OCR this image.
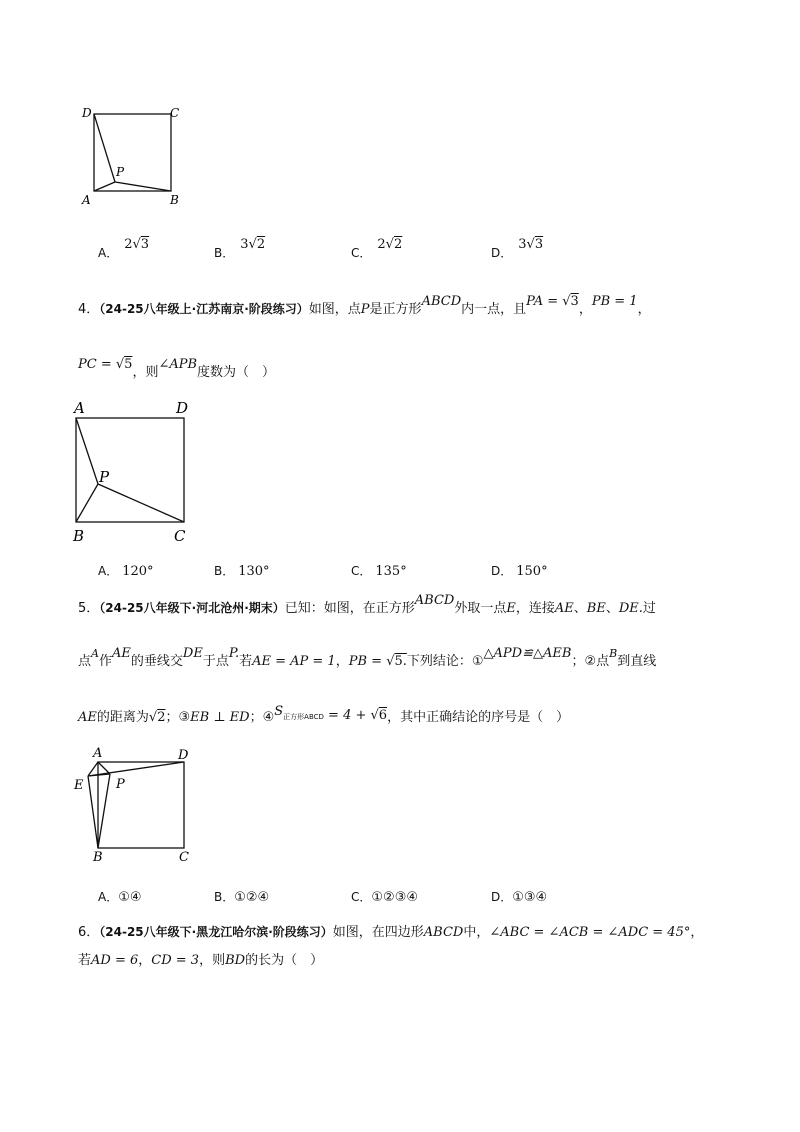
D	C
P
A	B
A．2√3
B．3√2
C．2√2
D．3√3
4．（24-25八年级上·江苏南京·阶段练习）如图，点P是正方形ABCD内一点，且PA = √3，PB = 1，
PC = √5，则∠APB度数为（　）
A	D
P
B	C
A． 120°	B． 130°	C． 135°	D． 150°
5．（24-25八年级下·河北沧州·期末）已知：如图，在正方形ABCD外取一点E，连接AE、BE、DE.过
点$^A$作AE的垂线交DE于点P.若AE = AP = 1，PB = √5.下列结论：①△APD≌△AEB；②点$^B$到直线
AE的距离为√2；③EB ⊥ ED；④S正方形ABCD = 4 + √6，其中正确结论的序号是（　）
A	D
E	P
B	C
A．①④	B．①②④	C．①②③④	D．①③④
6．（24-25八年级下·黑龙江哈尔滨·阶段练习）如图，在四边形ABCD中，∠ABC = ∠ACB = ∠ADC = 45°，
若AD = 6，CD = 3，则BD的长为（　）
